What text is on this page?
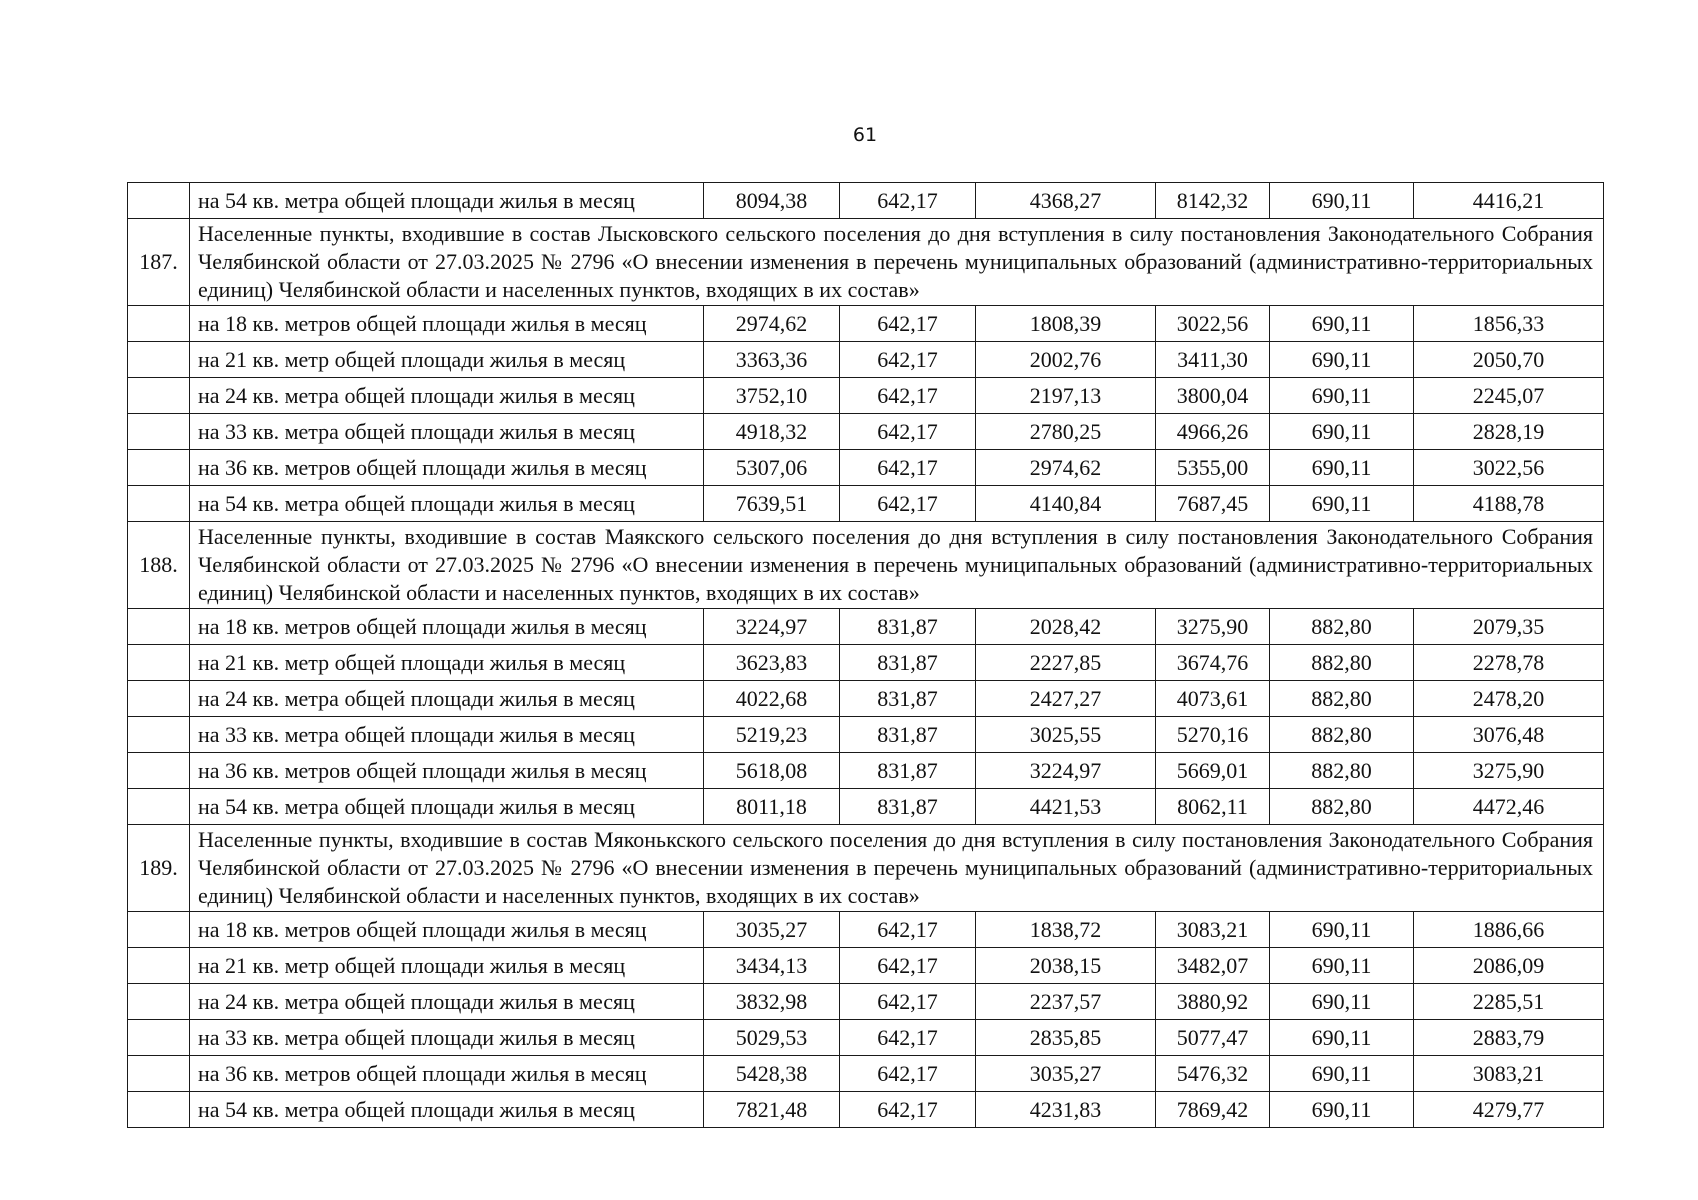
61
	на 54 кв. метра общей площади жилья в месяц	8094,38	642,17	4368,27	8142,32	690,11	4416,21
187.	Населенные пункты, входившие в состав Лысковского сельского поселения до дня вступления в силу постановления Законодательного Собрания Челябинской области от 27.03.2025 № 2796 «О внесении изменения в перечень муниципальных образований (административно-территориальных единиц) Челябинской области и населенных пунктов, входящих в их состав»						
	на 18 кв. метров общей площади жилья в месяц	2974,62	642,17	1808,39	3022,56	690,11	1856,33
	на 21 кв. метр общей площади жилья в месяц	3363,36	642,17	2002,76	3411,30	690,11	2050,70
	на 24 кв. метра общей площади жилья в месяц	3752,10	642,17	2197,13	3800,04	690,11	2245,07
	на 33 кв. метра общей площади жилья в месяц	4918,32	642,17	2780,25	4966,26	690,11	2828,19
	на 36 кв. метров общей площади жилья в месяц	5307,06	642,17	2974,62	5355,00	690,11	3022,56
	на 54 кв. метра общей площади жилья в месяц	7639,51	642,17	4140,84	7687,45	690,11	4188,78
188.	Населенные пункты, входившие в состав Маякского сельского поселения до дня вступления в силу постановления Законодательного Собрания Челябинской области от 27.03.2025 № 2796 «О внесении изменения в перечень муниципальных образований (административно-территориальных единиц) Челябинской области и населенных пунктов, входящих в их состав»						
	на 18 кв. метров общей площади жилья в месяц	3224,97	831,87	2028,42	3275,90	882,80	2079,35
	на 21 кв. метр общей площади жилья в месяц	3623,83	831,87	2227,85	3674,76	882,80	2278,78
	на 24 кв. метра общей площади жилья в месяц	4022,68	831,87	2427,27	4073,61	882,80	2478,20
	на 33 кв. метра общей площади жилья в месяц	5219,23	831,87	3025,55	5270,16	882,80	3076,48
	на 36 кв. метров общей площади жилья в месяц	5618,08	831,87	3224,97	5669,01	882,80	3275,90
	на 54 кв. метра общей площади жилья в месяц	8011,18	831,87	4421,53	8062,11	882,80	4472,46
189.	Населенные пункты, входившие в состав Мяконькского сельского поселения до дня вступления в силу постановления Законодательного Собрания Челябинской области от 27.03.2025 № 2796 «О внесении изменения в перечень муниципальных образований (административно-территориальных единиц) Челябинской области и населенных пунктов, входящих в их состав»						
	на 18 кв. метров общей площади жилья в месяц	3035,27	642,17	1838,72	3083,21	690,11	1886,66
	на 21 кв. метр общей площади жилья в месяц	3434,13	642,17	2038,15	3482,07	690,11	2086,09
	на 24 кв. метра общей площади жилья в месяц	3832,98	642,17	2237,57	3880,92	690,11	2285,51
	на 33 кв. метра общей площади жилья в месяц	5029,53	642,17	2835,85	5077,47	690,11	2883,79
	на 36 кв. метров общей площади жилья в месяц	5428,38	642,17	3035,27	5476,32	690,11	3083,21
	на 54 кв. метра общей площади жилья в месяц	7821,48	642,17	4231,83	7869,42	690,11	4279,77
